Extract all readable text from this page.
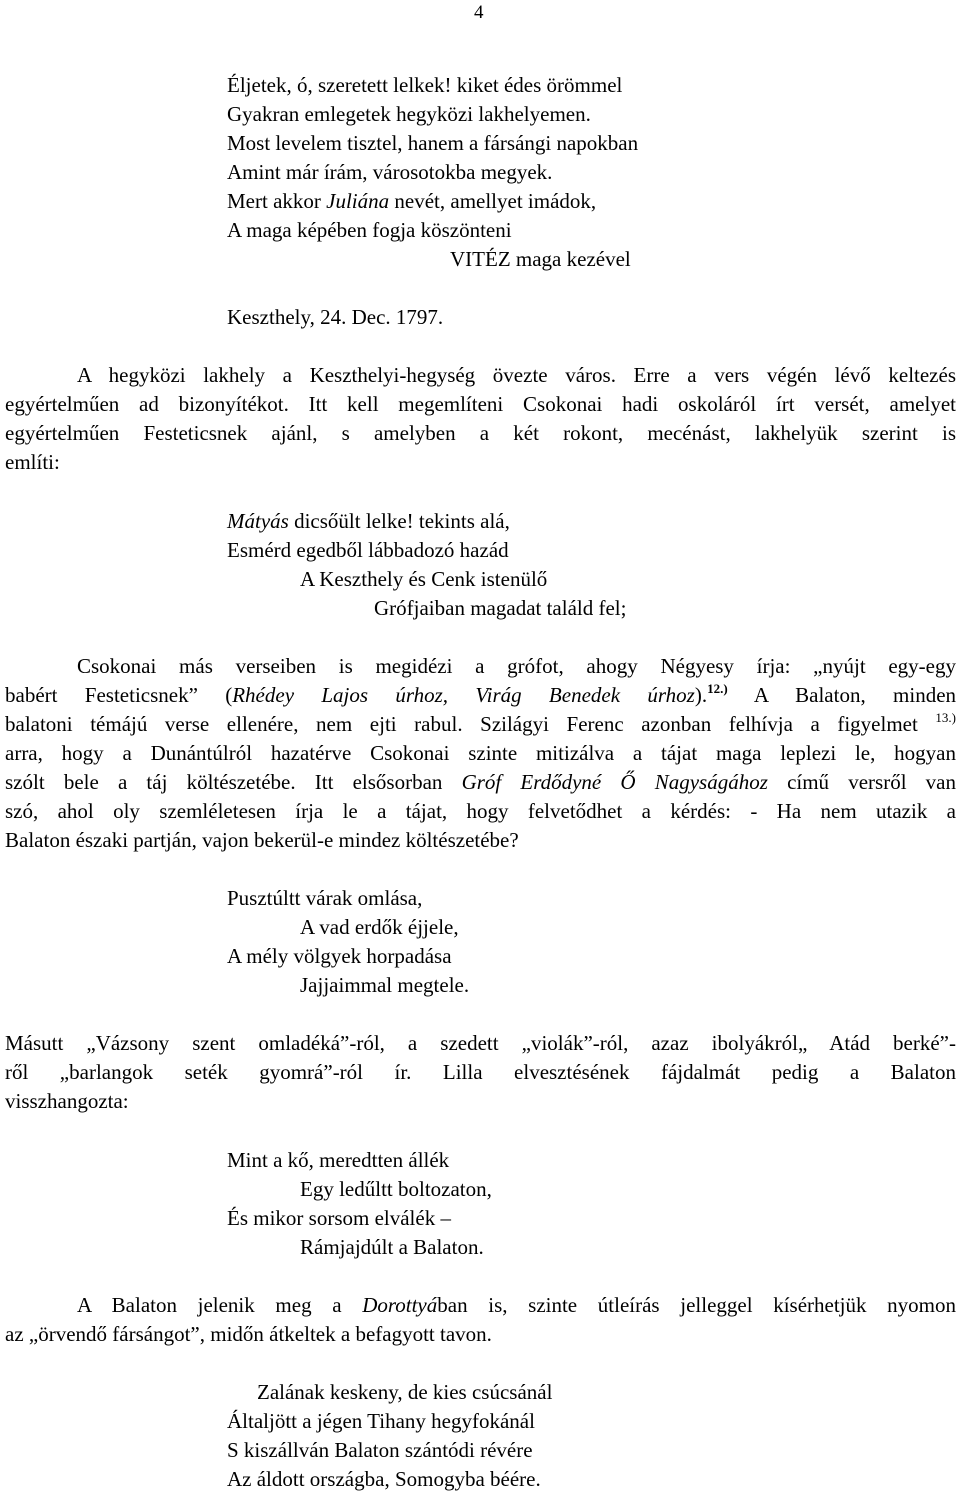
4
Éljetek, ó, szeretett lelkek! kiket édes örömmel
Gyakran emlegetek hegyközi lakhelyemen.
Most levelem tisztel, hanem a fársángi napokban
Amint már írám, városotokba megyek.
Mert akkor Juliána nevét, amellyet imádok,
A maga képében fogja köszönteni
VITÉZ maga kezével
Keszthely, 24. Dec. 1797.
A hegyközi lakhely a Keszthelyi-hegység övezte város. Erre a vers végén lévő keltezés
egyértelműen ad bizonyítékot. Itt kell megemlíteni Csokonai hadi oskoláról írt versét, amelyet
egyértelműen Festeticsnek ajánl, s amelyben a két rokont, mecénást, lakhelyük szerint is
említi:
Mátyás dicsőült lelke! tekints alá,
Esmérd egedből lábbadozó hazád
A Keszthely és Cenk istenülő
Grófjaiban magadat találd fel;
Csokonai más verseiben is megidézi a grófot, ahogy Négyesy írja: „nyújt egy-egy
babért Festeticsnek” (Rhédey Lajos úrhoz, Virág Benedek úrhoz).$^{12.)}$ A Balaton, minden
balatoni témájú verse ellenére, nem ejti rabul. Szilágyi Ferenc azonban felhívja a figyelmet $^{13.)}$
arra, hogy a Dunántúlról hazatérve Csokonai szinte mitizálva a tájat maga leplezi le, hogyan
szólt bele a táj költészetébe. Itt elsősorban Gróf Erdődyné Ő Nagyságához című versről van
szó, ahol oly szemléletesen írja le a tájat, hogy felvetődhet a kérdés: - Ha nem utazik a
Balaton északi partján, vajon bekerül-e mindez költészetébe?
Pusztúltt várak omlása,
A vad erdők éjjele,
A mély völgyek horpadása
Jajjaimmal megtele.
Másutt „Vázsony szent omladéká”-ról, a szedett „violák”-ról, azaz ibolyákról„ Atád berké”-
ről „barlangok seték gyomrá”-ról ír. Lilla elvesztésének fájdalmát pedig a Balaton
visszhangozta:
Mint a kő, meredtten állék
Egy ledűltt boltozaton,
És mikor sorsom elválék –
Rámjajdúlt a Balaton.
A Balaton jelenik meg a Dorottyában is, szinte útleírás jelleggel kísérhetjük nyomon
az „örvendő fársángot”, midőn átkeltek a befagyott tavon.
Zalának keskeny, de kies csúcsánál
Általjött a jégen Tihany hegyfokánál
S kiszállván Balaton szántódi révére
Az áldott országba, Somogyba béére.
